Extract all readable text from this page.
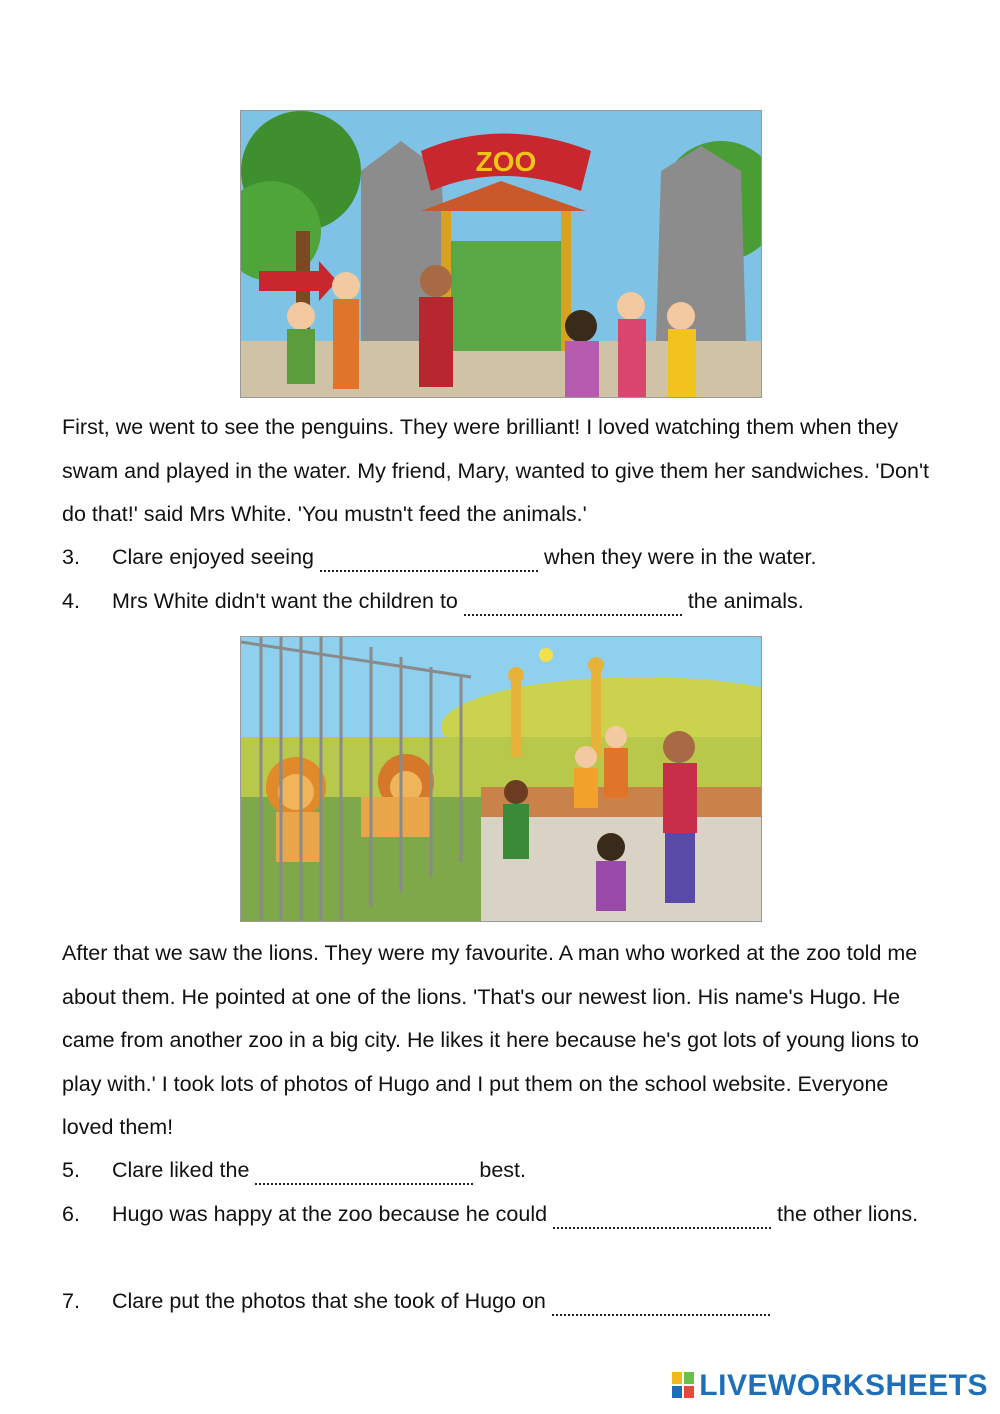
ZOO

First, we went to see the penguins. They were brilliant! I loved watching them when they swam and played in the water. My friend, Mary, wanted to give them her sandwiches. 'Don't do that!' said Mrs White. 'You mustn't feed the animals.'

3. Clare enjoyed seeing	when they were in the water.
4. Mrs White didn't want the children to	the animals.

After that we saw the lions. They were my favourite. A man who worked at the zoo told me about them. He pointed at one of the lions. 'That's our newest lion. His name's Hugo. He came from another zoo in a big city. He likes it here because he's got lots of young lions to play with.' I took lots of photos of Hugo and I put them on the school website. Everyone loved them!

5. Clare liked the	best.
6. Hugo was happy at the zoo because he could	the other lions.
7. Clare put the photos that she took of Hugo on
LIVEWORKSHEETS
